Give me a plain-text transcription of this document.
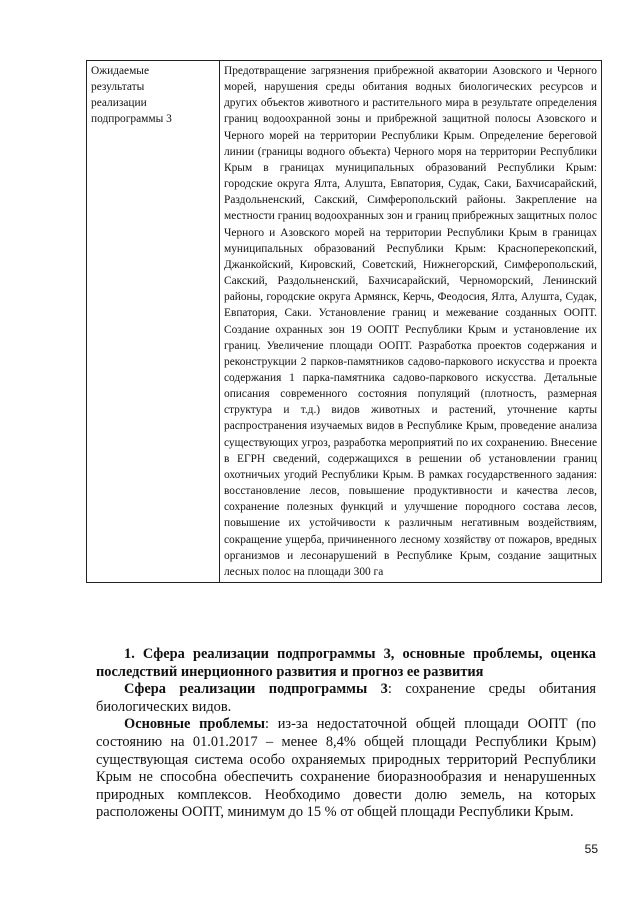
Ожидаемые
результаты
реализации
подпрограммы 3
Предотвращение загрязнения прибрежной акватории Азовского и Черного морей, нарушения среды обитания водных биологических ресурсов и других объектов животного и растительного мира в результате определения границ водоохранной зоны и прибрежной защитной полосы Азовского и Черного морей на территории Республики Крым. Определение береговой линии (границы водного объекта) Черного моря на территории Республики Крым в границах муниципальных образований Республики Крым: городские округа Ялта, Алушта, Евпатория, Судак, Саки, Бахчисарайский, Раздольненский, Сакский, Симферопольский районы. Закрепление на местности границ водоохранных зон и границ прибрежных защитных полос Черного и Азовского морей на территории Республики Крым в границах муниципальных образований Республики Крым: Красноперекопский, Джанкойский, Кировский, Советский, Нижнегорский, Симферопольский, Сакский, Раздольненский, Бахчисарайский, Черноморский, Ленинский районы, городские округа Армянск, Керчь, Феодосия, Ялта, Алушта, Судак, Евпатория, Саки. Установление границ и межевание созданных ООПТ. Создание охранных зон 19 ООПТ Республики Крым и установление их границ. Увеличение площади ООПТ. Разработка проектов содержания и реконструкции 2 парков-памятников садово-паркового искусства и проекта содержания 1 парка-памятника садово-паркового искусства. Детальные описания современного состояния популяций (плотность, размерная структура и т.д.) видов животных и растений, уточнение карты распространения изучаемых видов в Республике Крым, проведение анализа существующих угроз, разработка мероприятий по их сохранению. Внесение в ЕГРН сведений, содержащихся в решении об установлении границ охотничьих угодий Республики Крым. В рамках государственного задания: восстановление лесов, повышение продуктивности и качества лесов, сохранение полезных функций и улучшение породного состава лесов, повышение их устойчивости к различным негативным воздействиям, сокращение ущерба, причиненного лесному хозяйству от пожаров, вредных организмов и лесонарушений в Республике Крым, создание защитных лесных полос на площади 300 га

1. Сфера реализации подпрограммы 3, основные проблемы, оценка последствий инерционного развития и прогноз ее развития

Сфера реализации подпрограммы 3: сохранение среды обитания биологических видов.

Основные проблемы: из-за недостаточной общей площади ООПТ (по состоянию на 01.01.2017 – менее 8,4% общей площади Республики Крым) существующая система особо охраняемых природных территорий Республики Крым не способна обеспечить сохранение биоразнообразия и ненарушенных природных комплексов. Необходимо довести долю земель, на которых расположены ООПТ, минимум до 15 % от общей площади Республики Крым.

55
